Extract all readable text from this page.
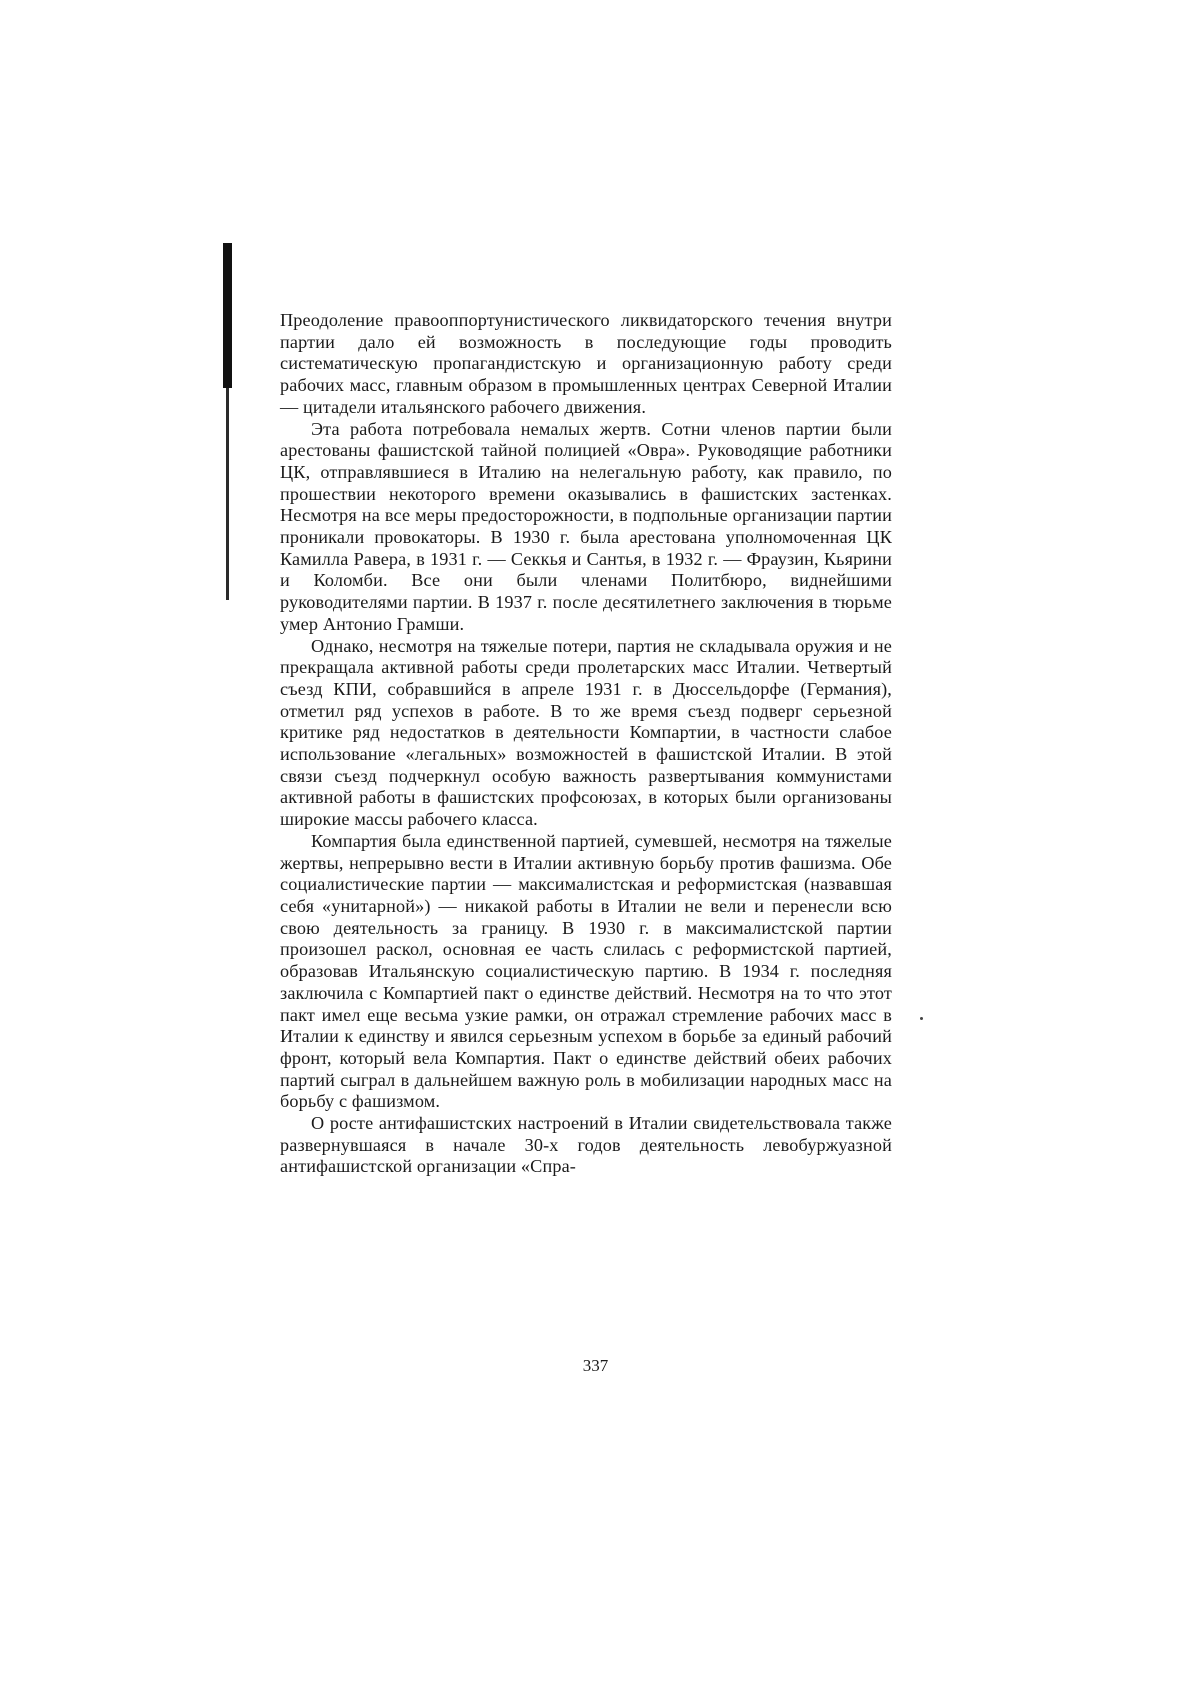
Преодоление правооппортунистического ликвидаторского течения внутри партии дало ей возможность в последующие годы проводить систематическую пропагандистскую и организационную работу среди рабочих масс, главным образом в промышленных центрах Северной Италии — цитадели итальянского рабочего движения.

Эта работа потребовала немалых жертв. Сотни членов партии были арестованы фашистской тайной полицией «Овра». Руководящие работники ЦК, отправлявшиеся в Италию на нелегальную работу, как правило, по прошествии некоторого времени оказывались в фашистских застенках. Несмотря на все меры предосторожности, в подпольные организации партии проникали провокаторы. В 1930 г. была арестована уполномоченная ЦК Камилла Равера, в 1931 г. — Секкья и Сантья, в 1932 г. — Фраузин, Кьярини и Коломби. Все они были членами Политбюро, виднейшими руководителями партии. В 1937 г. после десятилетнего заключения в тюрьме умер Антонио Грамши.

Однако, несмотря на тяжелые потери, партия не складывала оружия и не прекращала активной работы среди пролетарских масс Италии. Четвертый съезд КПИ, собравшийся в апреле 1931 г. в Дюссельдорфе (Германия), отметил ряд успехов в работе. В то же время съезд подверг серьезной критике ряд недостатков в деятельности Компартии, в частности слабое использование «легальных» возможностей в фашистской Италии. В этой связи съезд подчеркнул особую важность развертывания коммунистами активной работы в фашистских профсоюзах, в которых были организованы широкие массы рабочего класса.

Компартия была единственной партией, сумевшей, несмотря на тяжелые жертвы, непрерывно вести в Италии активную борьбу против фашизма. Обе социалистические партии — максималистская и реформистская (назвавшая себя «унитарной») — никакой работы в Италии не вели и перенесли всю свою деятельность за границу. В 1930 г. в максималистской партии произошел раскол, основная ее часть слилась с реформистской партией, образовав Итальянскую социалистическую партию. В 1934 г. последняя заключила с Компартией пакт о единстве действий. Несмотря на то что этот пакт имел еще весьма узкие рамки, он отражал стремление рабочих масс в Италии к единству и явился серьезным успехом в борьбе за единый рабочий фронт, который вела Компартия. Пакт о единстве действий обеих рабочих партий сыграл в дальнейшем важную роль в мобилизации народных масс на борьбу с фашизмом.

О росте антифашистских настроений в Италии свидетельствовала также развернувшаяся в начале 30-х годов деятельность левобуржуазной антифашистской организации «Спра-

337
